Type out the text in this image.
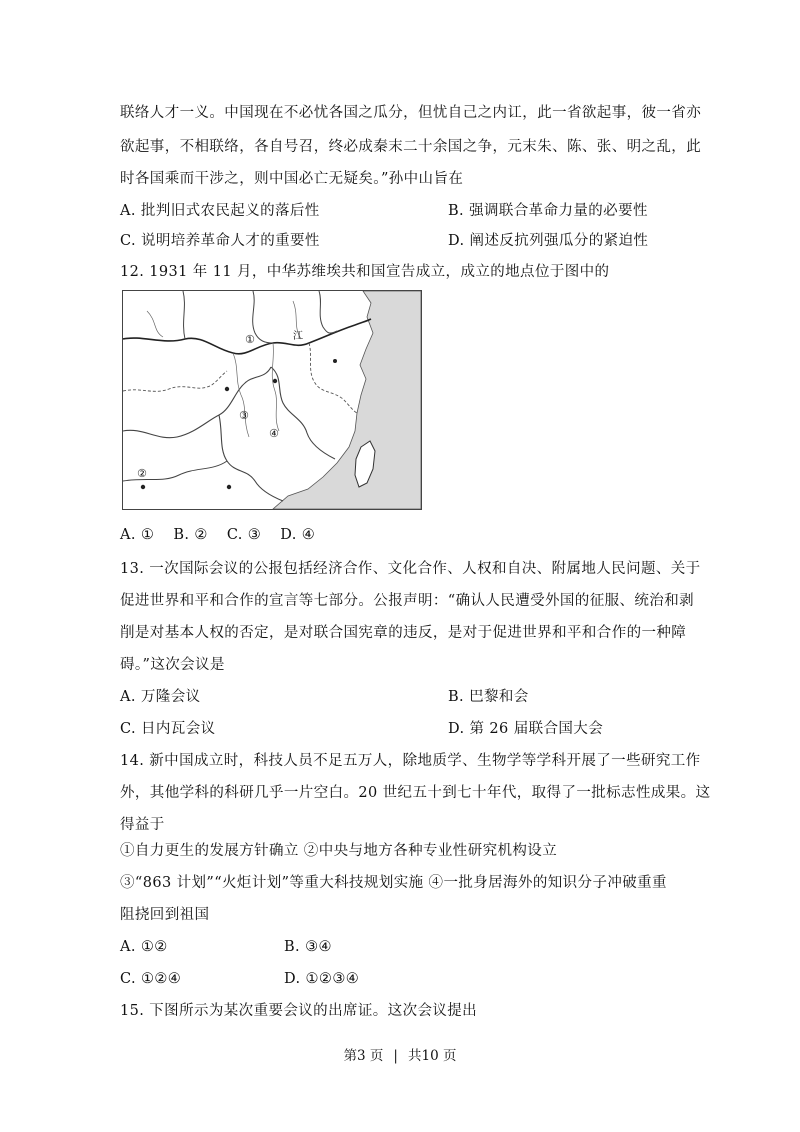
联络人才一义。中国现在不必忧各国之瓜分，但忧自己之内讧，此一省欲起事，彼一省亦
欲起事，不相联络，各自号召，终必成秦末二十余国之争，元末朱、陈、张、明之乱，此
时各国乘而干涉之，则中国必亡无疑矣。”孙中山旨在
A. 批判旧式农民起义的落后性	B. 强调联合革命力量的必要性
C. 说明培养革命人才的重要性	D. 阐述反抗列强瓜分的紧迫性
12. 1931 年 11 月，中华苏维埃共和国宣告成立，成立的地点位于图中的
①
②
③
④
江
A. ① B. ② C. ③ D. ④
13. 一次国际会议的公报包括经济合作、文化合作、人权和自决、附属地人民问题、关于
促进世界和平和合作的宣言等七部分。公报声明：“确认人民遭受外国的征服、统治和剥
削是对基本人权的否定，是对联合国宪章的违反，是对于促进世界和平和合作的一种障
碍。”这次会议是
A. 万隆会议	B. 巴黎和会
C. 日内瓦会议	D. 第 26 届联合国大会
14. 新中国成立时，科技人员不足五万人，除地质学、生物学等学科开展了一些研究工作
外，其他学科的科研几乎一片空白。20 世纪五十到七十年代，取得了一批标志性成果。这
得益于
①自力更生的发展方针确立 ②中央与地方各种专业性研究机构设立
③“863 计划”“火炬计划”等重大科技规划实施 ④一批身居海外的知识分子冲破重重
阻挠回到祖国
A. ①②	B. ③④
C. ①②④	D. ①②③④
15. 下图所示为某次重要会议的出席证。这次会议提出
第3 页 | 共10 页
